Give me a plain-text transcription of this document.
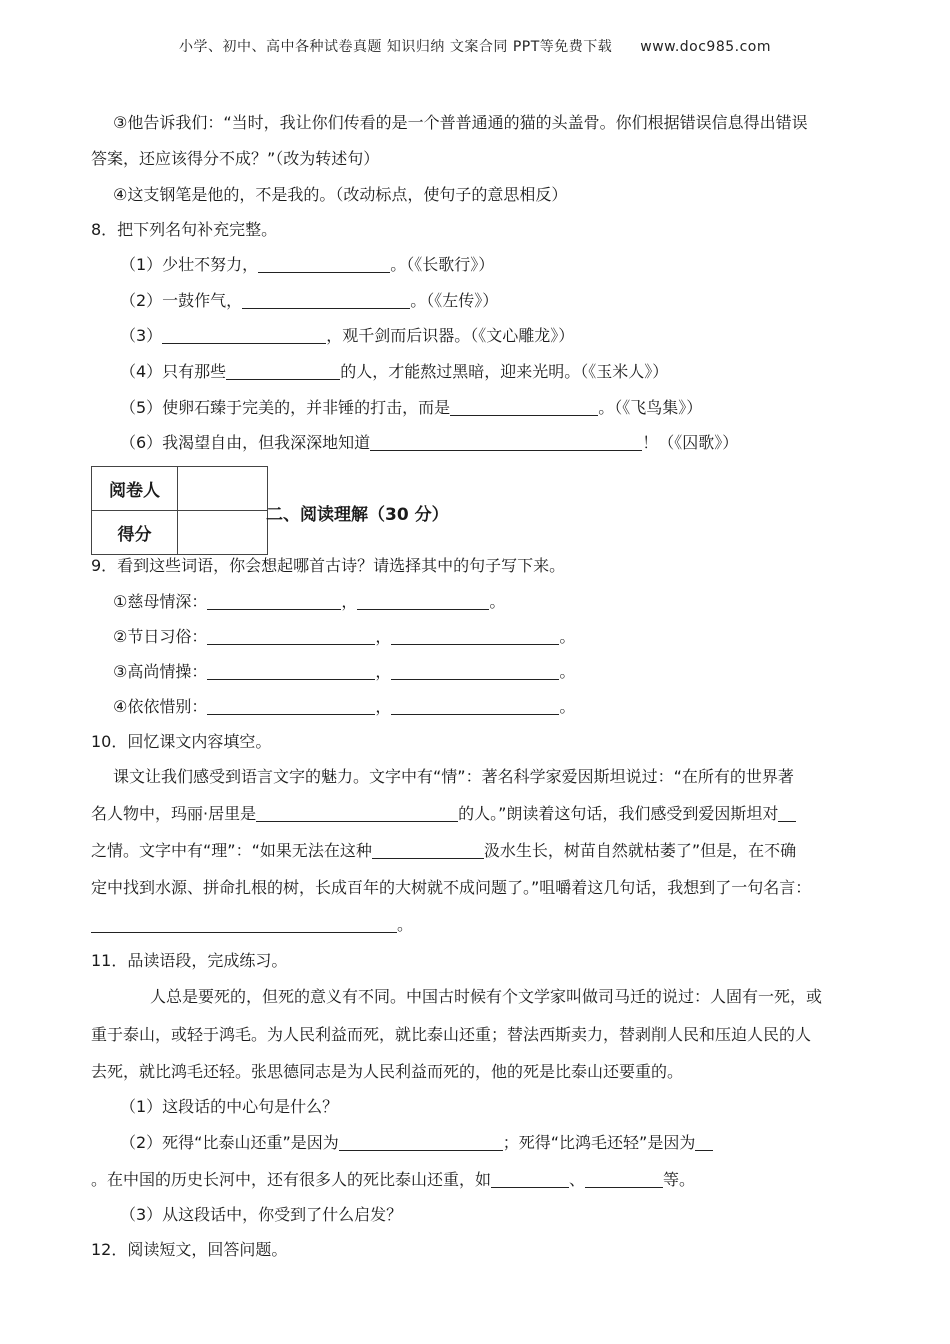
小学、初中、高中各种试卷真题 知识归纳 文案合同 PPT等免费下载 www.doc985.com
③他告诉我们：“当时，我让你们传看的是一个普普通通的猫的头盖骨。你们根据错误信息得出错误
答案，还应该得分不成？”（改为转述句）
④这支钢笔是他的，不是我的。（改动标点，使句子的意思相反）
8．把下列名句补充完整。
（1）少壮不努力，	。（《长歌行》）
（2）一鼓作气，	。（《左传》）
（3）	，观千剑而后识器。（《文心雕龙》）
（4）只有那些	的人，才能熬过黑暗，迎来光明。（《玉米人》）
（5）使卵石臻于完美的，并非锤的打击，而是	。（《飞鸟集》）
（6）我渴望自由，但我深深地知道	！（《囚歌》）
阅卷人	
得分	
二、阅读理解（30 分）
9．看到这些词语，你会想起哪首古诗？请选择其中的句子写下来。
①慈母情深：	，	。
②节日习俗：	，	。
③高尚情操：	，	。
④依依惜别：	，	。
10．回忆课文内容填空。
课文让我们感受到语言文字的魅力。文字中有“情”：著名科学家爱因斯坦说过：“在所有的世界著
名人物中，玛丽·居里是	的人。”朗读着这句话，我们感受到爱因斯坦对
之情。文字中有“理”：“如果无法在这种	汲水生长，树苗自然就枯萎了”但是，在不确
定中找到水源、拼命扎根的树，长成百年的大树就不成问题了。”咀嚼着这几句话，我想到了一句名言：
。
11．品读语段，完成练习。
人总是要死的，但死的意义有不同。中国古时候有个文学家叫做司马迁的说过：人固有一死，或
重于泰山，或轻于鸿毛。为人民利益而死，就比泰山还重；替法西斯卖力，替剥削人民和压迫人民的人
去死，就比鸿毛还轻。张思德同志是为人民利益而死的，他的死是比泰山还要重的。
（1）这段话的中心句是什么？
（2）死得“比泰山还重”是因为	；死得“比鸿毛还轻”是因为
。在中国的历史长河中，还有很多人的死比泰山还重，如	、	等。
（3）从这段话中，你受到了什么启发？
12．阅读短文，回答问题。
